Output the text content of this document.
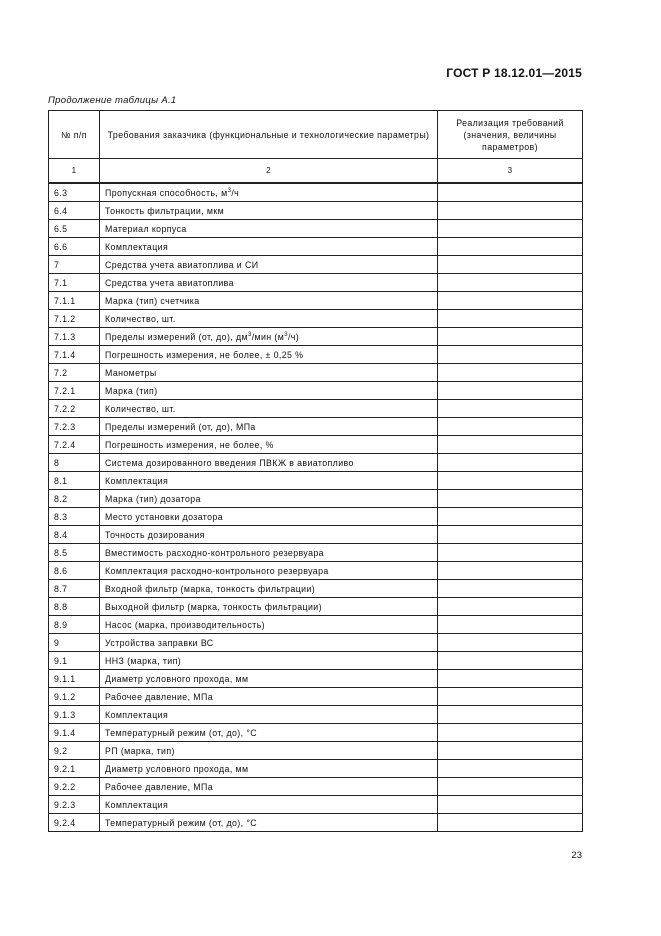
ГОСТ Р 18.12.01—2015
Продолжение таблицы А.1
№ п/п	Требования заказчика (функциональные и технологические параметры)	Реализация требований (значения, величины параметров)
1	2	3
6.3	Пропускная способность, $м^3/ч$	
6.4	Тонкость фильтрации, мкм	
6.5	Материал корпуса	
6.6	Комплектация	
7	Средства учета авиатоплива и СИ	
7.1	Средства учета авиатоплива	
7.1.1	Марка (тип) счетчика	
7.1.2	Количество, шт.	
7.1.3	Пределы измерений (от, до), $дм^3$/мин $(м^3/ч)$	
7.1.4	Погрешность измерения, не более, ± 0,25 %	
7.2	Манометры	
7.2.1	Марка (тип)	
7.2.2	Количество, шт.	
7.2.3	Пределы измерений (от, до), МПа	
7.2.4	Погрешность измерения, не более, %	
8	Система дозированного введения ПВКЖ в авиатопливо	
8.1	Комплектация	
8.2	Марка (тип) дозатора	
8.3	Место установки дозатора	
8.4	Точность дозирования	
8.5	Вместимость расходно-контрольного резервуара	
8.6	Комплектация расходно-контрольного резервуара	
8.7	Входной фильтр (марка, тонкость фильтрации)	
8.8	Выходной фильтр (марка, тонкость фильтрации)	
8.9	Насос (марка, производительность)	
9	Устройства заправки ВС	
9.1	ННЗ (марка, тип)	
9.1.1	Диаметр условного прохода, мм	
9.1.2	Рабочее давление, МПа	
9.1.3	Комплектация	
9.1.4	Температурный режим (от, до), °С	
9.2	РП (марка, тип)	
9.2.1	Диаметр условного прохода, мм	
9.2.2	Рабочее давление, МПа	
9.2.3	Комплектация	
9.2.4	Температурный режим (от, до), °С	
23
